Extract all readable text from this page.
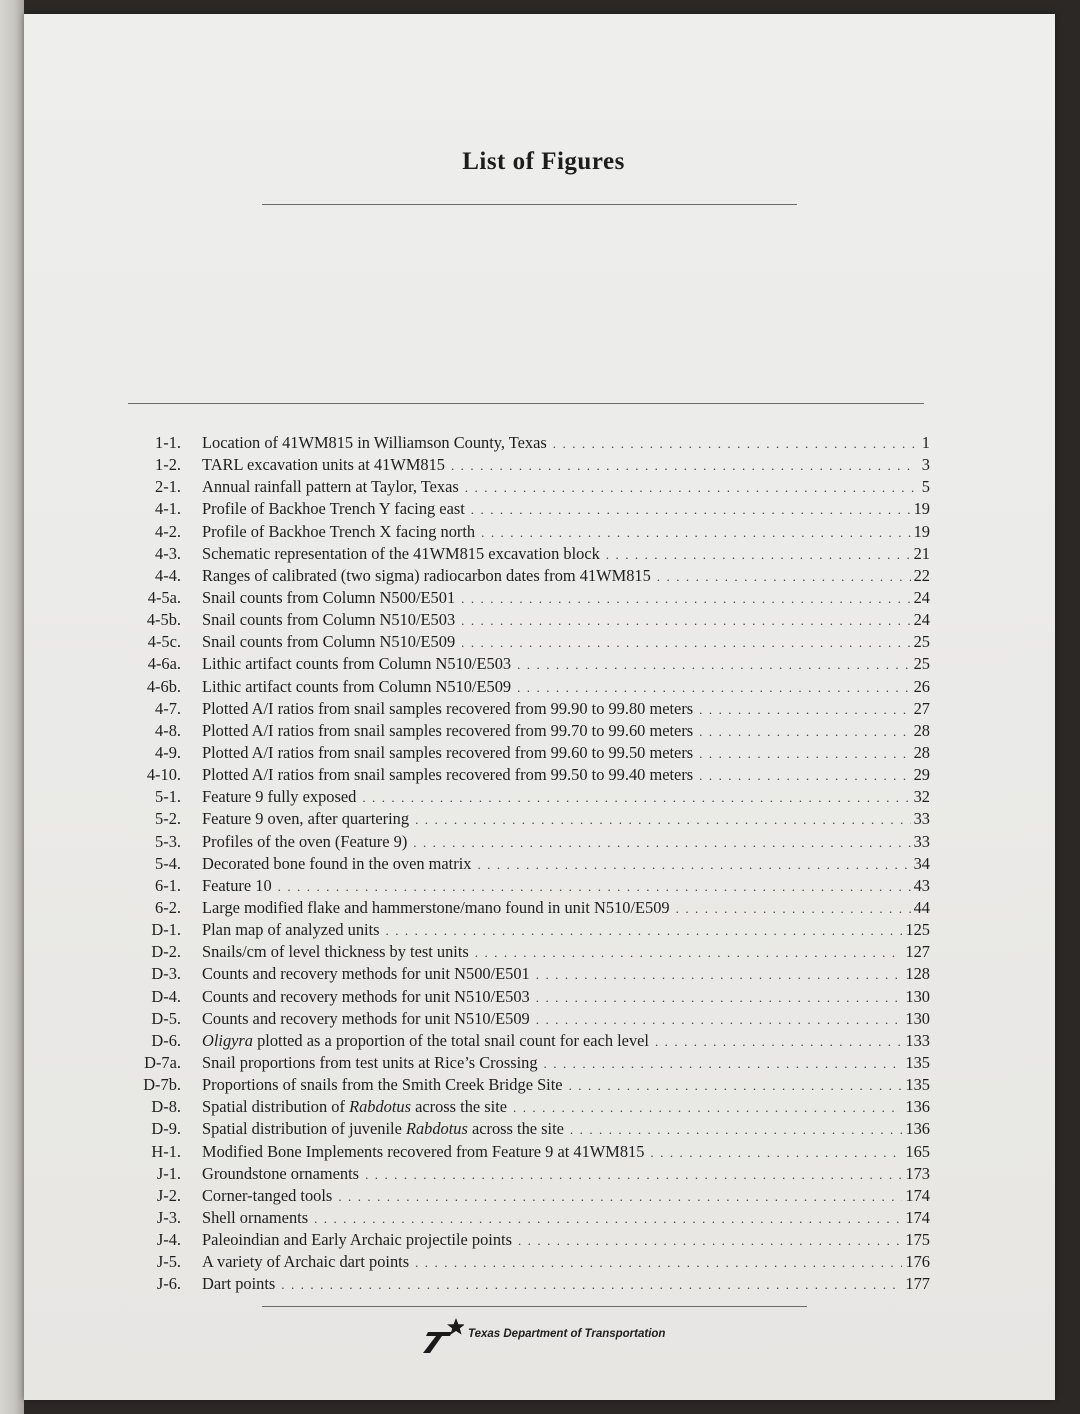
List of Figures
1-1. Location of 41WM815 in Williamson County, Texas . . .	1
1-2. TARL excavation units at 41WM815 . . .	3
2-1. Annual rainfall pattern at Taylor, Texas . . .	5
4-1. Profile of Backhoe Trench Y facing east . . .	19
4-2. Profile of Backhoe Trench X facing north . . .	19
4-3. Schematic representation of the 41WM815 excavation block . . .	21
4-4. Ranges of calibrated (two sigma) radiocarbon dates from 41WM815 . . .	22
4-5a. Snail counts from Column N500/E501 . . .	24
4-5b. Snail counts from Column N510/E503 . . .	24
4-5c. Snail counts from Column N510/E509 . . .	25
4-6a. Lithic artifact counts from Column N510/E503 . . .	25
4-6b. Lithic artifact counts from Column N510/E509 . . .	26
4-7. Plotted A/I ratios from snail samples recovered from 99.90 to 99.80 meters . . .	27
4-8. Plotted A/I ratios from snail samples recovered from 99.70 to 99.60 meters . . .	28
4-9. Plotted A/I ratios from snail samples recovered from 99.60 to 99.50 meters . . .	28
4-10. Plotted A/I ratios from snail samples recovered from 99.50 to 99.40 meters . . .	29
5-1. Feature 9 fully exposed . . .	32
5-2. Feature 9 oven, after quartering . . .	33
5-3. Profiles of the oven (Feature 9) . . .	33
5-4. Decorated bone found in the oven matrix . . .	34
6-1. Feature 10 . . .	43
6-2. Large modified flake and hammerstone/mano found in unit N510/E509 . . .	44
D-1. Plan map of analyzed units . . .	125
D-2. Snails/cm of level thickness by test units . . .	127
D-3. Counts and recovery methods for unit N500/E501 . . .	128
D-4. Counts and recovery methods for unit N510/E503 . . .	130
D-5. Counts and recovery methods for unit N510/E509 . . .	130
D-6. Oligyra plotted as a proportion of the total snail count for each level . . .	133
D-7a. Snail proportions from test units at Rice’s Crossing . . .	135
D-7b. Proportions of snails from the Smith Creek Bridge Site . . .	135
D-8. Spatial distribution of Rabdotus across the site . . .	136
D-9. Spatial distribution of juvenile Rabdotus across the site . . .	136
H-1. Modified Bone Implements recovered from Feature 9 at 41WM815 . . .	165
J-1. Groundstone ornaments . . .	173
J-2. Corner-tanged tools . . .	174
J-3. Shell ornaments . . .	174
J-4. Paleoindian and Early Archaic projectile points . . .	175
J-5. A variety of Archaic dart points . . .	176
J-6. Dart points . . .	177
Texas Department of Transportation
